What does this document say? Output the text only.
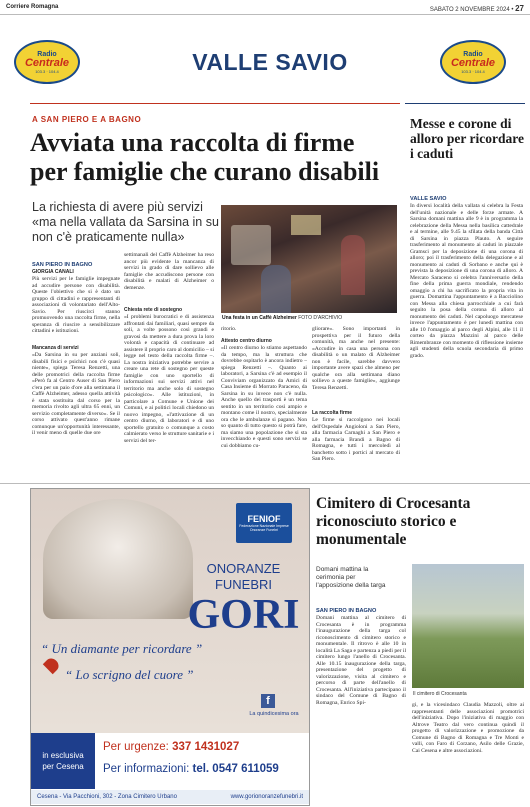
Corriere Romagna	SABATO 2 NOVEMBRE 2024 • 27
Radio
Centrale
103.3 · 104.4
Radio
Centrale
103.3 · 104.4
VALLE SAVIO
A SAN PIERO E A BAGNO
Avviata una raccolta di firme
per famiglie che curano disabili
La richiesta di avere più servizi
«ma nella vallata da Sarsina in su
non c'è praticamente nulla»
SAN PIERO IN BAGNO
GIORGIA CANALI
Più servizi per le famiglie impegnate ad accudire persone con disabilità. Queste l'obiettivo che si è dato un gruppo di cittadini e rappresentanti di associazioni di volontariato dell'Alto-Savio. Per riuscirci stanno promuovendo una raccolta firme, nella speranza di riuscire a sensibilizzare cittadini e istituzioni.
Mancanza di servizi
«Da Sarsina in su per anziani soli, disabili fisici e psichici non c'è quasi niente», spiega Teresa Renzetti, una delle promotrici della raccolta firme «Però fa al Centro Auser di San Piero c'era per un paio d'ore alla settimana il Caffè Alzheimer, adesso quella attività è stata sostituita dal corso per la memoria rivolto agli ultra 65 enni, un servizio completamente diverso». Se il corso attivato quest'anno rimane comunque un'opportunità interessante, il venir meno di quelle due ore
settimanali del Caffè Alzheimer ha reso ancor più evidente la mancanza di servizi in grado di dare sollievo alle famiglie che accudiscono persone con disabilità e malati di Alzheimer o demenze.
Chiesta rete di sostegno
«I problemi burocratici e di assistenza affrontati dai familiari, quasi sempre da soli, a volte possono così grandi e gravosi da mettere a dura prova la loro volontà e capacità di continuare ad assistere il proprio caro al domicilio – si legge nel testo della raccolta firme –. La nostra iniziativa potrebbe servire a creare una rete di sostegno per queste famiglie con uno sportello di informazioni sui servizi attivi nel territorio ma anche solo di sostegno psicologico». Alle istituzioni, in particolare a Comune e Unione dei Comuni, e ai politici locali chiedono un nuovo impegno, «l'attivazione di un centro diurno, di laboratori e di uno sportello gratuito o comunque a costo calmierato verso le strutture sanitarie e i servizi del ter-
Una festa in un Caffè Alzheimer FOTO D'ARCHIVIO
ritorio.
Attesto centro diurno
«Il centro diurno lo stiamo aspettando da tempo, ma la struttura che dovrebbe ospitarlo è ancora indietro – spiega Renzetti –. Quanto ai laboratori, a Sarsina c'è ad esempio il Conviviam organizzato da Amici di Casa Insieme di Morrato Paraceno, da Sarsina in su invece non c'è nulla. Anche quello dei trasporti è un tema sentito in un territorio così ampio e montano come il nostro, specialmente ora che le ambulanze si pagano. Non so quanto di tutto questo si potrà fare, ma siamo una popolazione che si sta invecchiando e questi sono servizi se cui dobbiamo cu-
gliorare». Sono importanti in prospettiva per il futuro della comunità, ma anche nel presente: «Accudire in casa una persona con disabilità o un malato di Alzheimer non è facile, sarebbe davvero importante avere spazi che almeno per qualche ora alla settimana diano sollievo a queste famiglie», aggiunge Teresa Renzetti.
La raccolta firme
Le firme si raccolgono nei locali dell'Ospedale Angioloni a San Piero, alla farmacia Carnaghi a San Piero e alla farmacia Brandi a Bagno di Romagna, e tutti i mercoledì al banchetto sotto i portici al mercato di San Piero.
Messe e corone di alloro per ricordare i caduti
VALLE SAVIO
In diversi località della vallata si celebra la Festa dell'unità nazionale e delle forze armate. A Sarsina domani mattina alle 9 è in programma la celebrazione della Messa nella basilica cattedrale e al termine, alle 9.45 la sfilata della banda Città di Sarsina in piazza Plauto. A seguire trasferimento al monumento ai caduti in piazzale Gramsci per la deposizione di una corona di alloro; poi il trasferimento della delegazione e al monumento ai caduti di Sorbano e anche qui è prevista la deposizione di una corona di alloro. A Mercato Saraceno si celebra l'anniversario della fine della prima guerra mondiale, rendendo omaggio a chi ha sacrificato la propria vita in guerra. Domattina l'appuntamento è a Bacciolino con Messa alla chiesa parrocchiale a cui farà seguito la posa della corona di alloro al monumento dei caduti. Nel capoluogo mercatese invece l'appuntamento è per lunedì mattina con alle 10 l'omaggio al parco degli Alpini, alle 11 il corteo da piazza Mazzini al parco delle Rimembranze con momento di riflessione insieme agli studenti della scuola secondaria di primo grado.
FENIOF
Federazione Nazionale Imprese Onoranze Funebri
ONORANZE
FUNEBRI
GORI
“ Un diamante per ricordare ”
“ Lo scrigno del cuore ”
f
La quindicesima ora
in esclusiva
per Cesena
Per urgenze: 337 1431027
Per informazioni: tel. 0547 611059
Cesena - Via Pacchioni, 302 - Zona Cimitero Urbano	www.gorionoranzefunebri.it
Cimitero di Crocesanta riconosciuto storico e monumentale
Domani mattina la cerimonia per l'apposizione della targa
Il cimitero di Crocesanta
SAN PIERO IN BAGNO
Domani mattina al cimitero di Crocesanta è in programma l'inaugurazione della targa col riconoscimento di cimitero storico e monumentale. Il ritrovo è alle 10 in località La Saga e partenza a piedi per il cimitero lungo l'anello di Crocesanta. Alle 10.15 inaugurazione della targa, presentazione del progetto di valorizzazione, visita al cimitero e percorso di parte dell'anello di Crocesanta. All'iniziativa partecipano il sindaco del Comune di Bagno di Romagna, Enrico Spi-	gi, e la vicesindaco Claudia Mazzoli, oltre ai rappresentanti delle associazioni promotrici dell'iniziativa. Dopo l'iniziativa di maggio con Altrove Teatro dal vero continua quindi il progetto di valorizzazione e promozione da Comune di Bagno di Romagna e Tre Monti e valli, con Faro di Corzano, Asilo delle Grazie, Cai Cesena e altre associazioni.
